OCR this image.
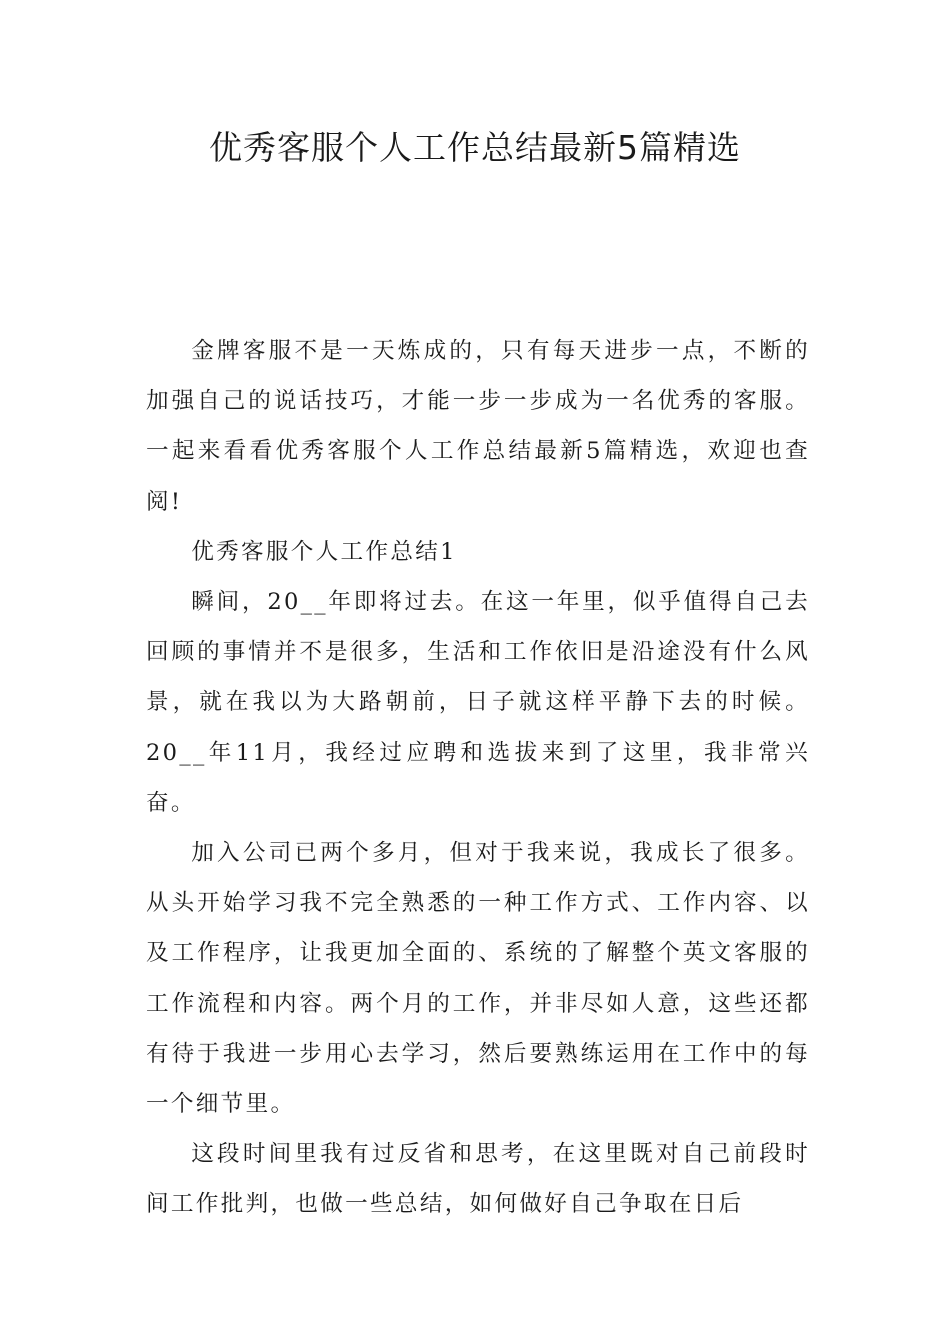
优秀客服个人工作总结最新5篇精选

金牌客服不是一天炼成的，只有每天进步一点，不断的加强自己的说话技巧，才能一步一步成为一名优秀的客服。一起来看看优秀客服个人工作总结最新5篇精选，欢迎也查阅!

优秀客服个人工作总结1

瞬间，20__年即将过去。在这一年里，似乎值得自己去回顾的事情并不是很多，生活和工作依旧是沿途没有什么风景，就在我以为大路朝前，日子就这样平静下去的时候。20__年11月，我经过应聘和选拔来到了这里，我非常兴奋。

加入公司已两个多月，但对于我来说，我成长了很多。从头开始学习我不完全熟悉的一种工作方式、工作内容、以及工作程序，让我更加全面的、系统的了解整个英文客服的工作流程和内容。两个月的工作，并非尽如人意，这些还都有待于我进一步用心去学习，然后要熟练运用在工作中的每一个细节里。

这段时间里我有过反省和思考，在这里既对自己前段时间工作批判，也做一些总结，如何做好自己争取在日后
